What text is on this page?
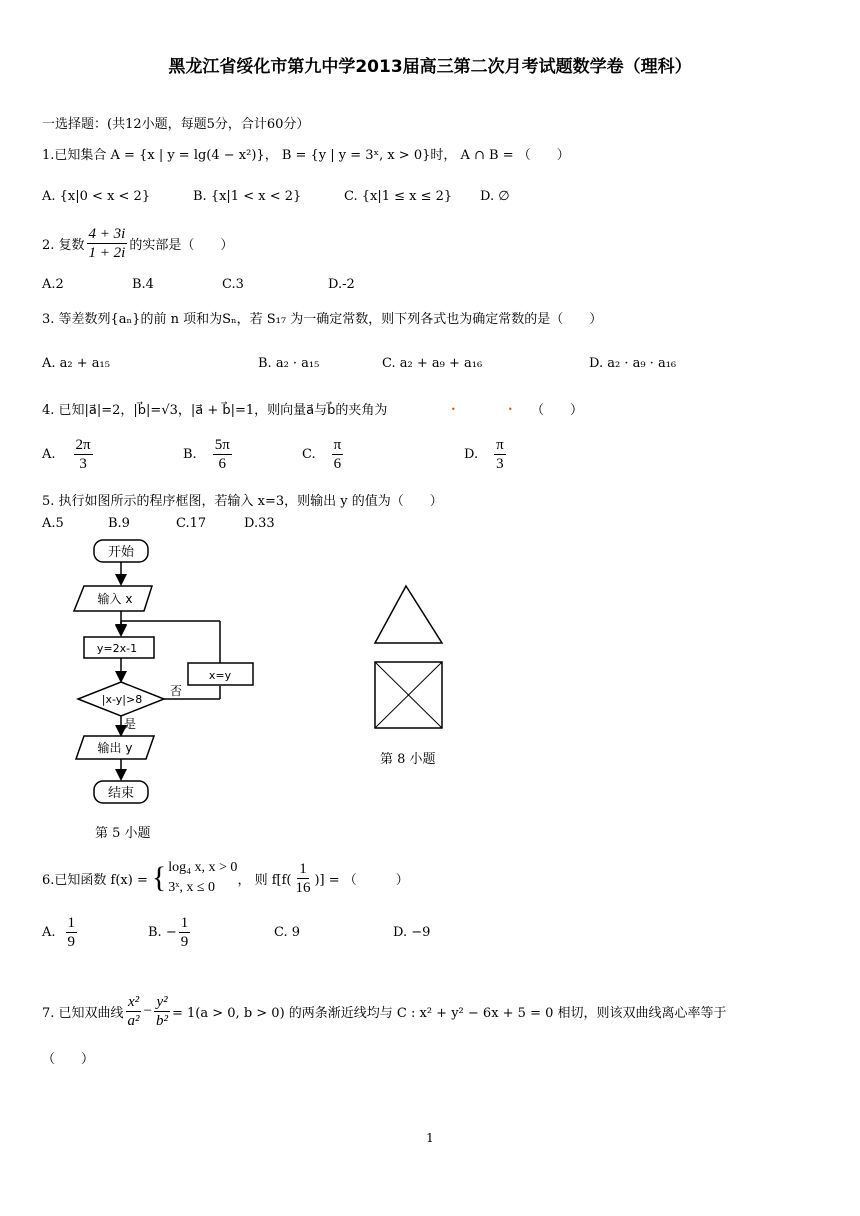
黑龙江省绥化市第九中学2013届高三第二次月考试题数学卷（理科）
一选择题：(共12小题，每题5分，合计60分）
1.已知集合 A = {x | y = lg(4 − x²)}， B = {y | y = 3ˣ, x > 0}时， A ∩ B = （　　）
A. {x|0 < x < 2}	B. {x|1 < x < 2}	C. {x|1 ≤ x ≤ 2} D. ∅
2. 复数 $\frac{4 + 3i}{1 + 2i}$ 的实部是（　　）
A.2	B.4	C.3	D.-2
3. 等差数列{aₙ}的前 n 项和为Sₙ，若 S₁₇ 为一确定常数，则下列各式也为确定常数的是（　　）
A. a₂ + a₁₅	B. a₂ · a₁₅	C. a₂ + a₉ + a₁₆	D. a₂ · a₉ · a₁₆
4. 已知|a⃗|=2，|b⃗|=√3，|a⃗ + b⃗|=1，则向量a⃗与b⃗的夹角为	.	. （　　）
A. $\frac{2\pi}{3}$	B. $\frac{5\pi}{6}$	C. $\frac{\pi}{6}$	D. $\frac{\pi}{3}$
5. 执行如图所示的程序框图，若输入 x=3，则输出 y 的值为（　　）
A.5	B.9	C.17	D.33
开始
输入 x
y=2x-1
|x-y|>8
否
x=y
是
输出 y
结束
第 5 小题
第 8 小题
6.已知函数 f(x) = { log₄ x, x > 0
3ˣ, x ≤ 0	， 则 $f[f( \frac{1}{16}$ )] = （　　　）
A. $\frac{1}{9}$	B. − $\frac{1}{9}$	C. 9	D. −9
7. 已知双曲线 $\frac{\text{x²}}{\text{a²}} - \frac{\text{y²}}{\text{b²}} = 1(a > 0$, b > 0) 的两条渐近线均与 C : x² + y² − 6x + 5 = 0 相切，则该双曲线离心率等于
（　　）
1
